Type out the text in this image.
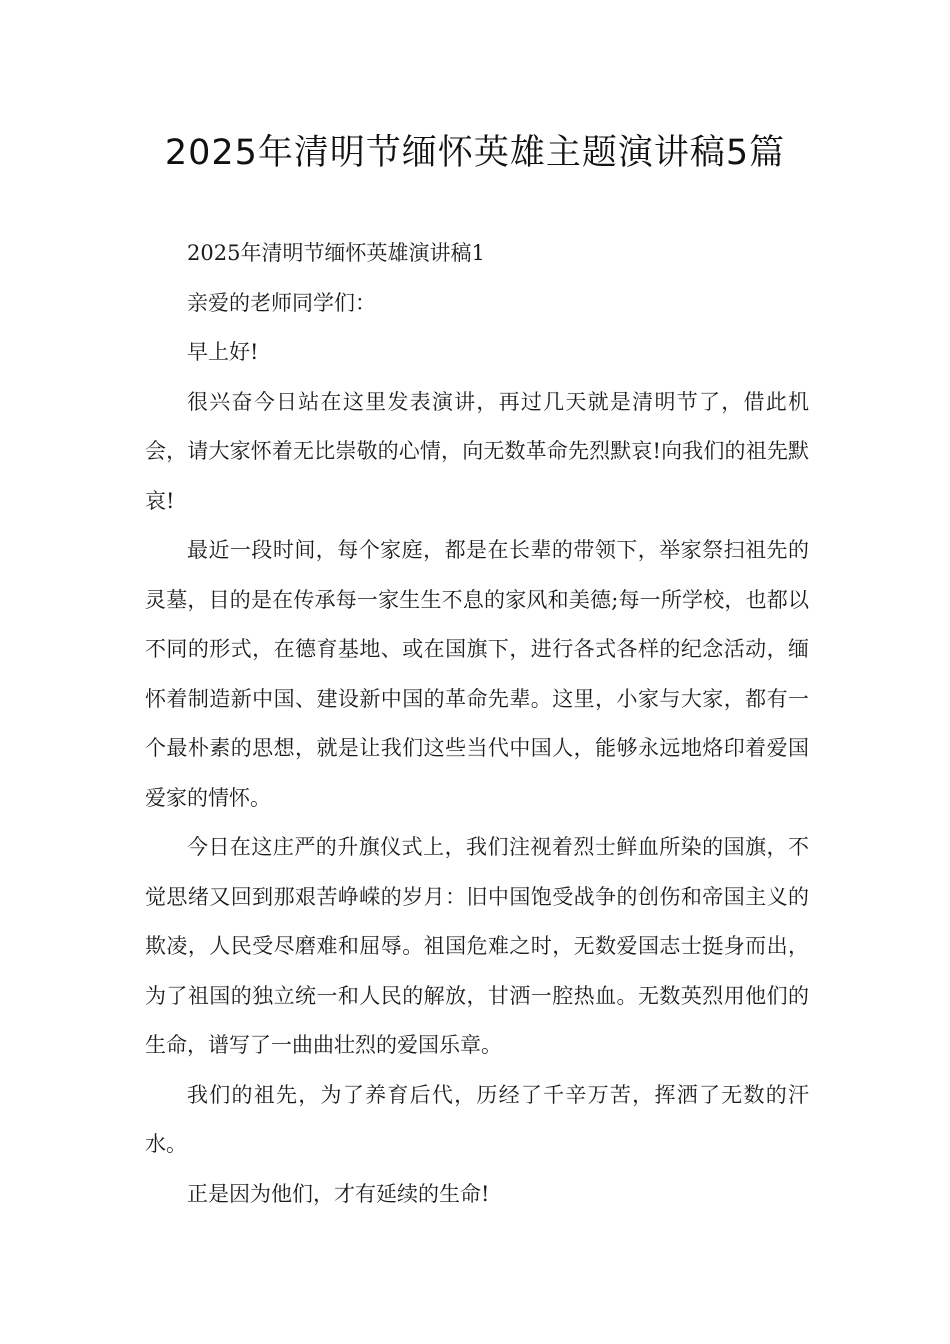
2025年清明节缅怀英雄主题演讲稿5篇

2025年清明节缅怀英雄演讲稿1

亲爱的老师同学们：

早上好!

很兴奋今日站在这里发表演讲，再过几天就是清明节了，借此机会，请大家怀着无比崇敬的心情，向无数革命先烈默哀!向我们的祖先默哀!

最近一段时间，每个家庭，都是在长辈的带领下，举家祭扫祖先的灵墓，目的是在传承每一家生生不息的家风和美德;每一所学校，也都以不同的形式，在德育基地、或在国旗下，进行各式各样的纪念活动，缅怀着制造新中国、建设新中国的革命先辈。这里，小家与大家，都有一个最朴素的思想，就是让我们这些当代中国人，能够永远地烙印着爱国爱家的情怀。

今日在这庄严的升旗仪式上，我们注视着烈士鲜血所染的国旗，不觉思绪又回到那艰苦峥嵘的岁月：旧中国饱受战争的创伤和帝国主义的欺凌，人民受尽磨难和屈辱。祖国危难之时，无数爱国志士挺身而出，为了祖国的独立统一和人民的解放，甘洒一腔热血。无数英烈用他们的生命，谱写了一曲曲壮烈的爱国乐章。

我们的祖先，为了养育后代，历经了千辛万苦，挥洒了无数的汗水。

正是因为他们，才有延续的生命!
